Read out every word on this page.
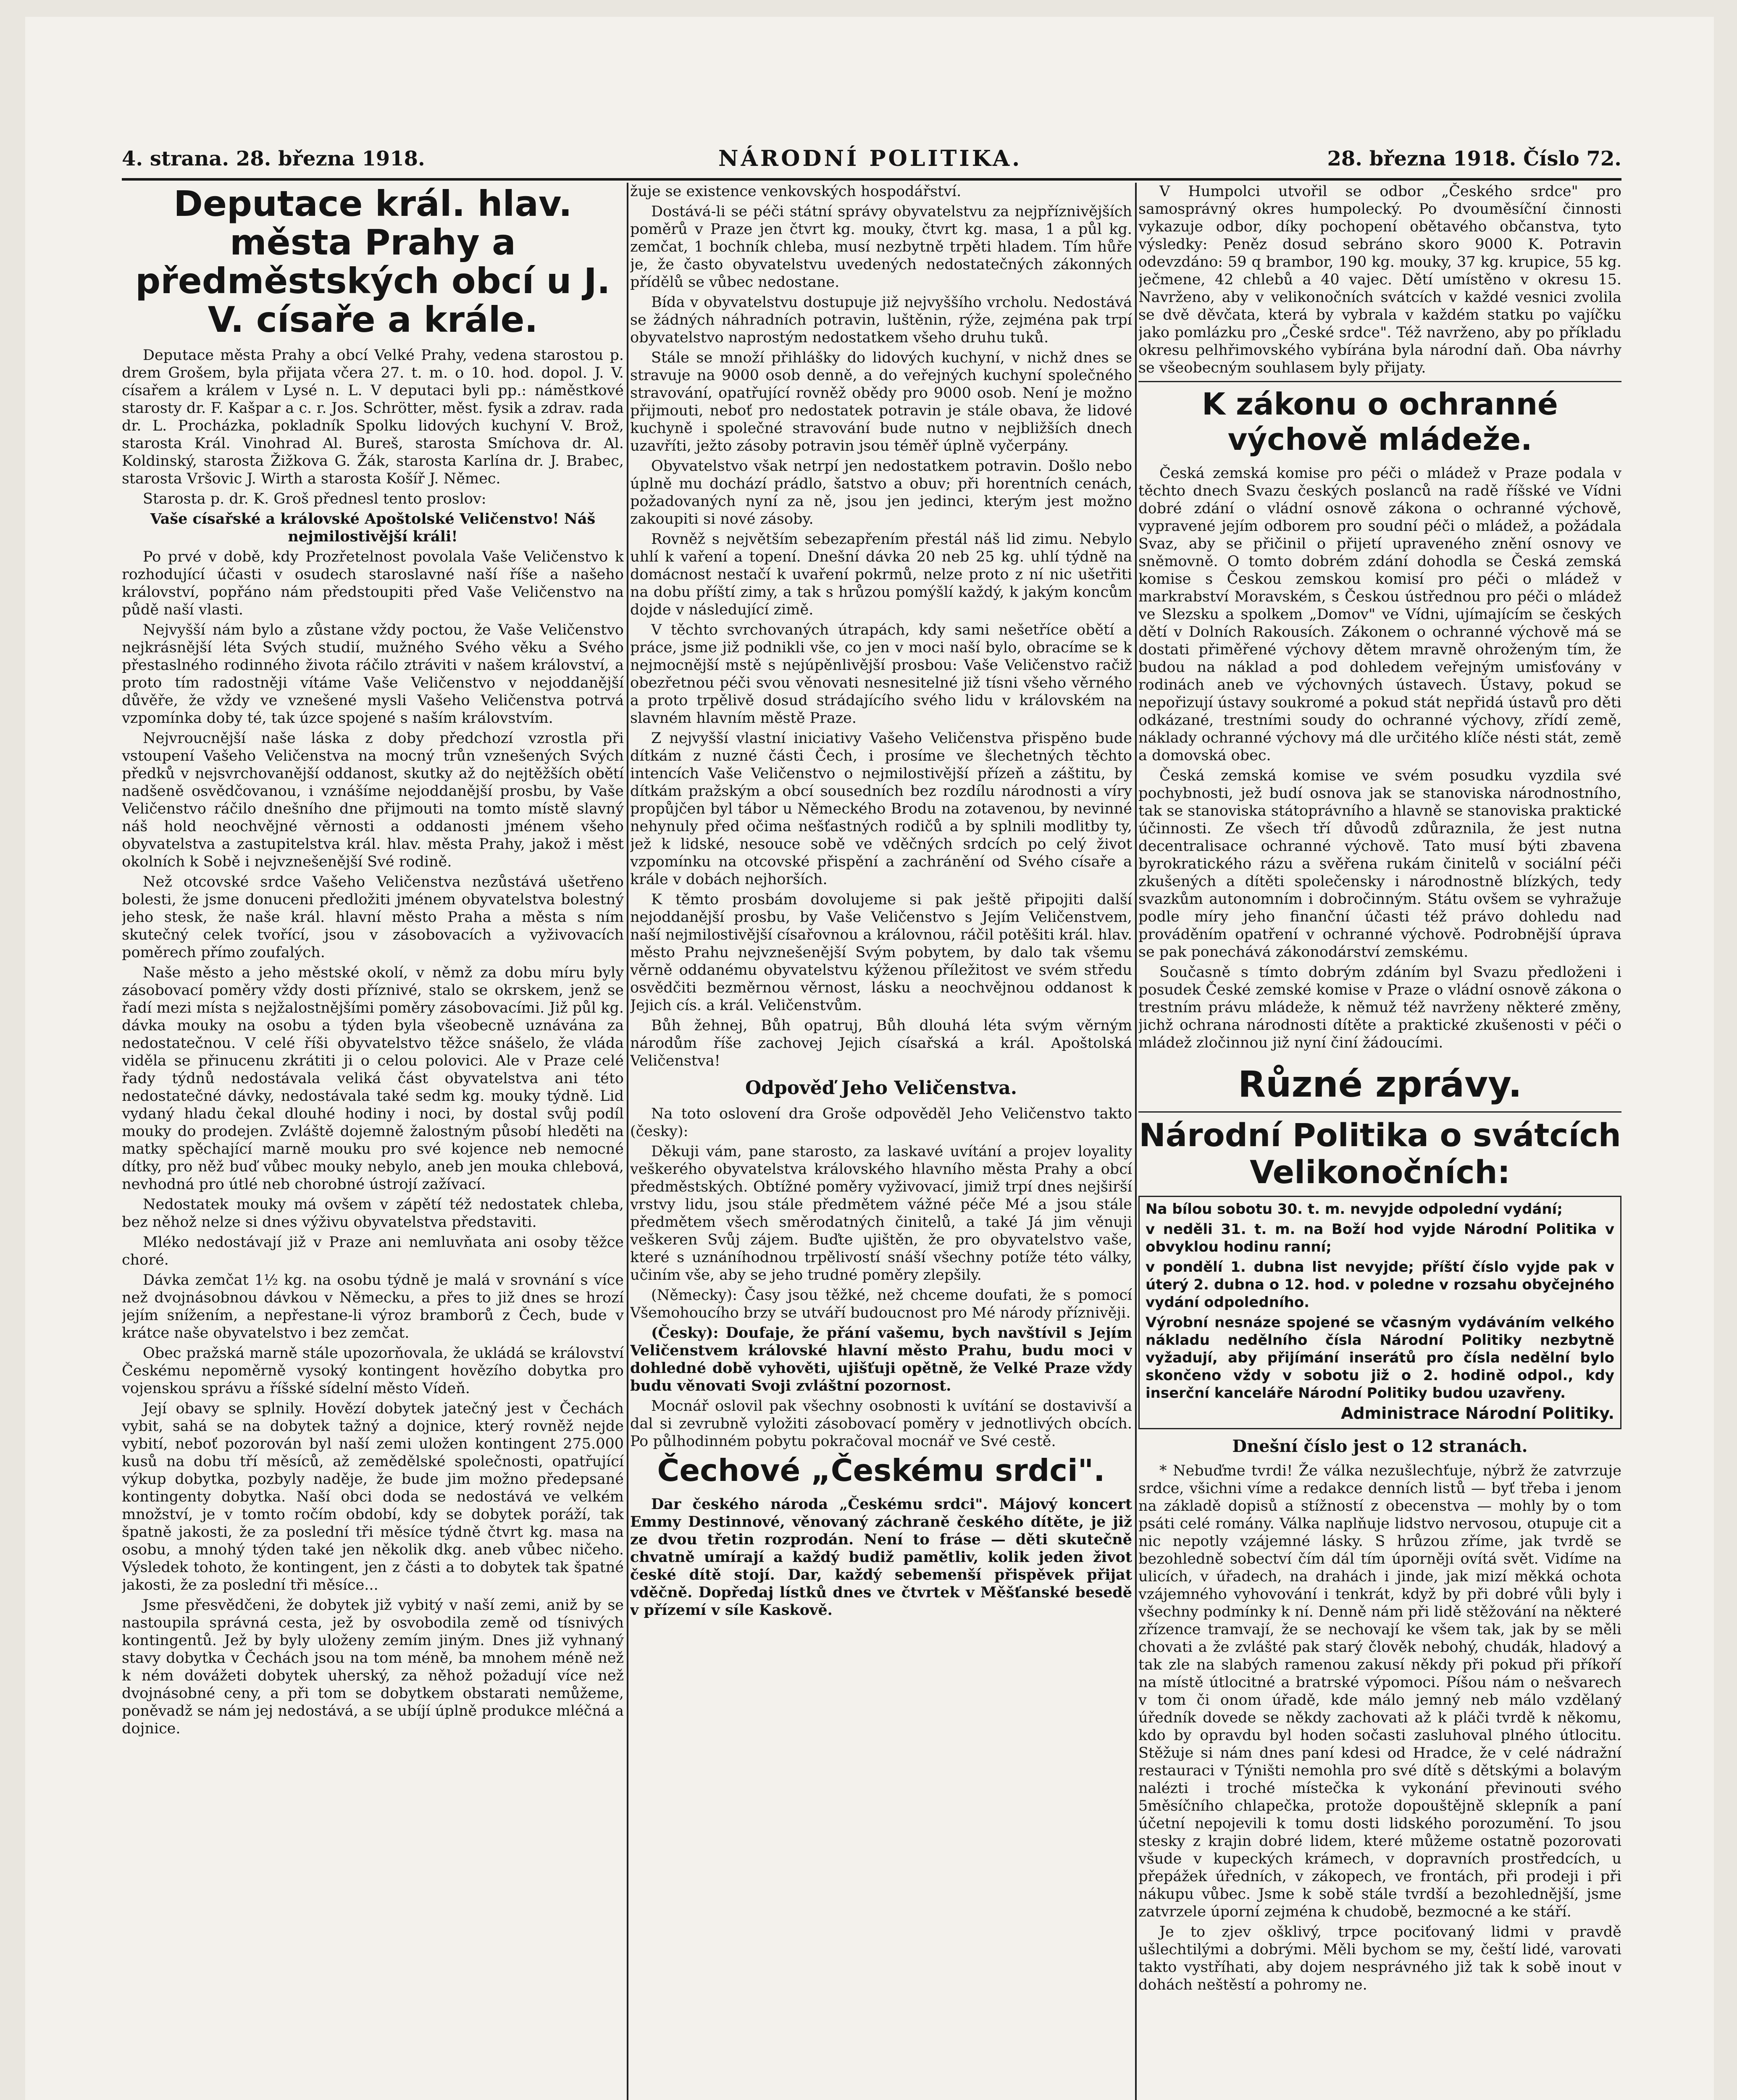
4. strana. 28. března 1918.	NÁRODNÍ POLITIKA.	28. března 1918. Číslo 72.
Deputace král. hlav. města Prahy a předměstských obcí u J. V. císaře a krále.

Deputace města Prahy a obcí Velké Prahy, vedena starostou p. drem Grošem, byla přijata včera 27. t. m. o 10. hod. dopol. J. V. císařem a králem v Lysé n. L. V deputaci byli pp.: náměstkové starosty dr. F. Kašpar a c. r. Jos. Schrötter, měst. fysik a zdrav. rada dr. L. Procházka, pokladník Spolku lidových kuchyní V. Brož, starosta Král. Vinohrad Al. Bureš, starosta Smíchova dr. Al. Koldinský, starosta Žižkova G. Žák, starosta Karlína dr. J. Brabec, starosta Vršovic J. Wirth a starosta Košíř J. Němec.

Starosta p. dr. K. Groš přednesl tento proslov:

Vaše císařské a královské Apoštolské Veličenstvo! Náš nejmilostivější králi!

Po prvé v době, kdy Prozřetelnost povolala Vaše Veličenstvo k rozhodující účasti v osudech staroslavné naší říše a našeho království, popřáno nám předstoupiti před Vaše Veličenstvo na půdě naší vlasti.

Nejvyšší nám bylo a zůstane vždy poctou, že Vaše Veličenstvo nejkrásnější léta Svých studií, mužného Svého věku a Svého přestaslného rodinného života ráčilo ztráviti v našem království, a proto tím radostněji vítáme Vaše Veličenstvo v nejoddanější důvěře, že vždy ve vznešené mysli Vašeho Veličenstva potrvá vzpomínka doby té, tak úzce spojené s naším královstvím.

Nejvroucnější naše láska z doby předchozí vzrostla při vstoupení Vašeho Veličenstva na mocný trůn vznešených Svých předků v nejsvrchovanější oddanost, skutky až do nejtěžších obětí nadšeně osvědčovanou, i vznášíme nejoddanější prosbu, by Vaše Veličenstvo ráčilo dnešního dne přijmouti na tomto místě slavný náš hold neochvějné věrnosti a oddanosti jménem všeho obyvatelstva a zastupitelstva král. hlav. města Prahy, jakož i měst okolních k Sobě i nejvznešenější Své rodině.

Než otcovské srdce Vašeho Veličenstva nezůstává ušetřeno bolesti, že jsme donuceni předložiti jménem obyvatelstva bolestný jeho stesk, že naše král. hlavní město Praha a města s ním skutečný celek tvořící, jsou v zásobovacích a vyživovacích poměrech přímo zoufalých.

Naše město a jeho městské okolí, v němž za dobu míru byly zásobovací poměry vždy dosti příznivé, stalo se okrskem, jenž se řadí mezi místa s nejžalostnějšími poměry zásobovacími. Již půl kg. dávka mouky na osobu a týden byla všeobecně uznávána za nedostatečnou. V celé říši obyvatelstvo těžce snášelo, že vláda viděla se přinucenu zkrátiti ji o celou polovici. Ale v Praze celé řady týdnů nedostávala veliká část obyvatelstva ani této nedostatečné dávky, nedostávala také sedm kg. mouky týdně. Lid vydaný hladu čekal dlouhé hodiny i noci, by dostal svůj podíl mouky do prodejen. Zvláště dojemně žalostným působí hleděti na matky spěchající marně mouku pro své kojence neb nemocné dítky, pro něž buď vůbec mouky nebylo, aneb jen mouka chlebová, nevhodná pro útlé neb chorobné ústrojí zažívací.

Nedostatek mouky má ovšem v zápětí též nedostatek chleba, bez něhož nelze si dnes výživu obyvatelstva představiti.

Mléko nedostávají již v Praze ani nemluvňata ani osoby těžce choré.

Dávka zemčat 1½ kg. na osobu týdně je malá v srovnání s více než dvojnásobnou dávkou v Německu, a přes to již dnes se hrozí jejím snížením, a nepřestane-li výroz bramborů z Čech, bude v krátce naše obyvatelstvo i bez zemčat.

Obec pražská marně stále upozorňovala, že ukládá se království Českému nepoměrně vysoký kontingent hovězího dobytka pro vojenskou správu a říšské sídelní město Vídeň.

Její obavy se splnily. Hovězí dobytek jatečný jest v Čechách vybit, sahá se na dobytek tažný a dojnice, který rovněž nejde vybití, neboť pozorován byl naší zemi uložen kontingent 275.000 kusů na dobu tří měsíců, až zemědělské společnosti, opatřující výkup dobytka, pozbyly naděje, že bude jim možno předepsané kontingenty dobytka. Naší obci doda se nedostává ve velkém množství, je v tomto ročím období, kdy se dobytek poráží, tak špatně jakosti, že za poslední tři měsíce týdně čtvrt kg. masa na osobu, a mnohý týden také jen několik dkg. aneb vůbec ničeho. Výsledek tohoto, že kontingent, jen z části a to dobytek tak špatné jakosti, že za poslední tři měsíce...

Jsme přesvědčeni, že dobytek již vybitý v naší zemi, aniž by se nastoupila správná cesta, jež by osvobodila země od tísnivých kontingentů. Jež by byly uloženy zemím jiným. Dnes již vyhnaný stavy dobytka v Čechách jsou na tom méně, ba mnohem méně než k ném dovážeti dobytek uherský, za něhož požadují více než dvojnásobné ceny, a při tom se dobytkem obstarati nemůžeme, poněvadž se nám jej nedostává, a se ubíjí úplně produkce mléčná a dojnice.

žuje se existence venkovských hospodářství.

Dostává-li se péči státní správy obyvatelstvu za nejpříznivějších poměrů v Praze jen čtvrt kg. mouky, čtvrt kg. masa, 1 a půl kg. zemčat, 1 bochník chleba, musí nezbytně trpěti hladem. Tím hůře je, že často obyvatelstvu uvedených nedostatečných zákonných přídělů se vůbec nedostane.

Bída v obyvatelstvu dostupuje již nejvyššího vrcholu. Nedostává se žádných náhradních potravin, luštěnin, rýže, zejména pak trpí obyvatelstvo naprostým nedostatkem všeho druhu tuků.

Stále se množí přihlášky do lidových kuchyní, v nichž dnes se stravuje na 9000 osob denně, a do veřejných kuchyní společného stravování, opatřující rovněž obědy pro 9000 osob. Není je možno přijmouti, neboť pro nedostatek potravin je stále obava, že lidové kuchyně i společné stravování bude nutno v nejbližších dnech uzavříti, ježto zásoby potravin jsou téměř úplně vyčerpány.

Obyvatelstvo však netrpí jen nedostatkem potravin. Došlo nebo úplně mu dochází prádlo, šatstvo a obuv; při horentních cenách, požadovaných nyní za ně, jsou jen jedinci, kterým jest možno zakoupiti si nové zásoby.

Rovněž s největším sebezapřením přestál náš lid zimu. Nebylo uhlí k vaření a topení. Dnešní dávka 20 neb 25 kg. uhlí týdně na domácnost nestačí k uvaření pokrmů, nelze proto z ní nic ušetřiti na dobu příští zimy, a tak s hrůzou pomýšlí každý, k jakým koncům dojde v následující zimě.

V těchto svrchovaných útrapách, kdy sami nešetříce obětí a práce, jsme již podnikli vše, co jen v moci naší bylo, obracíme se k nejmocnější mstě s nejúpěnlivější prosbou: Vaše Veličenstvo račiž obezřetnou péči svou věnovati nesnesitelné již tísni všeho věrného a proto trpělivě dosud strádajícího svého lidu v královském na slavném hlavním městě Praze.

Z nejvyšší vlastní iniciativy Vašeho Veličenstva přispěno bude dítkám z nuzné části Čech, i prosíme ve šlechetných těchto intencích Vaše Veličenstvo o nejmilostivější přízeň a záštitu, by dítkám pražským a obcí sousedních bez rozdílu národnosti a víry propůjčen byl tábor u Německého Brodu na zotavenou, by nevinné nehynuly před očima nešťastných rodičů a by splnili modlitby ty, jež k lidské, nesouce sobě ve vděčných srdcích po celý život vzpomínku na otcovské přispění a zachránění od Svého císaře a krále v dobách nejhorších.

K těmto prosbám dovolujeme si pak ještě připojiti další nejoddanější prosbu, by Vaše Veličenstvo s Jejím Veličenstvem, naší nejmilostivější císařovnou a královnou, ráčil potěšiti král. hlav. město Prahu nejvznešenější Svým pobytem, by dalo tak všemu věrně oddanému obyvatelstvu kýženou příležitost ve svém středu osvědčiti bezměrnou věrnost, lásku a neochvějnou oddanost k Jejich cís. a král. Veličenstvům.

Bůh žehnej, Bůh opatruj, Bůh dlouhá léta svým věrným národům říše zachovej Jejich císařská a král. Apoštolská Veličenstva!

Odpověď Jeho Veličenstva.

Na toto oslovení dra Groše odpověděl Jeho Veličenstvo takto (česky):

Děkuji vám, pane starosto, za laskavé uvítání a projev loyality veškerého obyvatelstva královského hlavního města Prahy a obcí předměstských. Obtížné poměry vyživovací, jimiž trpí dnes nejširší vrstvy lidu, jsou stále předmětem vážné péče Mé a jsou stále předmětem všech směrodatných činitelů, a také Já jim věnuji veškeren Svůj zájem. Buďte ujištěn, že pro obyvatelstvo vaše, které s uznáníhodnou trpělivostí snáší všechny potíže této války, učiním vše, aby se jeho trudné poměry zlepšily.

(Německy): Časy jsou těžké, než chceme doufati, že s pomocí Všemohoucího brzy se utváří budoucnost pro Mé národy příznivěji.

(Česky): Doufaje, že přání vašemu, bych navštívil s Jejím Veličenstvem královské hlavní město Prahu, budu moci v dohledné době vyhověti, ujišťuji opětně, že Velké Praze vždy budu věnovati Svoji zvláštní pozornost.

Mocnář oslovil pak všechny osobnosti k uvítání se dostavivší a dal si zevrubně vyložiti zásobovací poměry v jednotlivých obcích. Po půlhodinném pobytu pokračoval mocnář ve Své cestě.

Čechové „Českému srdci".

Dar českého národa „Českému srdci". Májový koncert Emmy Destinnové, věnovaný záchraně českého dítěte, je již ze dvou třetin rozprodán. Není to fráse — děti skutečně chvatně umírají a každý budiž pamětliv, kolik jeden život české dítě stojí. Dar, každý sebemenší přispěvek přijat vděčně. Dopředaj lístků dnes ve čtvrtek v Měšťanské besedě v přízemí v síle Kaskově.

V Humpolci utvořil se odbor „Českého srdce" pro samosprávný okres humpolecký. Po dvouměsíční činnosti vykazuje odbor, díky pochopení obětavého občanstva, tyto výsledky: Peněz dosud sebráno skoro 9000 K. Potravin odevzdáno: 59 q brambor, 190 kg. mouky, 37 kg. krupice, 55 kg. ječmene, 42 chlebů a 40 vajec. Dětí umístěno v okresu 15. Navrženo, aby v velikonočních svátcích v každé vesnici zvolila se dvě děvčata, která by vybrala v každém statku po vajíčku jako pomlázku pro „České srdce". Též navrženo, aby po příkladu okresu pelhřimovského vybírána byla národní daň. Oba návrhy se všeobecným souhlasem byly přijaty.

K zákonu o ochranné výchově mládeže.

Česká zemská komise pro péči o mládež v Praze podala v těchto dnech Svazu českých poslanců na radě říšské ve Vídni dobré zdání o vládní osnově zákona o ochranné výchově, vypravené jejím odborem pro soudní péči o mládež, a požádala Svaz, aby se přičinil o přijetí upraveného znění osnovy ve sněmovně. O tomto dobrém zdání dohodla se Česká zemská komise s Českou zemskou komisí pro péči o mládež v markrabství Moravském, s Českou ústřednou pro péči o mládež ve Slezsku a spolkem „Domov" ve Vídni, ujímajícím se českých dětí v Dolních Rakousích. Zákonem o ochranné výchově má se dostati přiměřené výchovy dětem mravně ohroženým tím, že budou na náklad a pod dohledem veřejným umisťovány v rodinách aneb ve výchovných ústavech. Ústavy, pokud se nepořizují ústavy soukromé a pokud stát nepřidá ústavů pro děti odkázané, trestními soudy do ochranné výchovy, zřídí země, náklady ochranné výchovy má dle určitého klíče nésti stát, země a domovská obec.

Česká zemská komise ve svém posudku vyzdila své pochybnosti, jež budí osnova jak se stanoviska národnostního, tak se stanoviska státoprávního a hlavně se stanoviska praktické účinnosti. Ze všech tří důvodů zdůraznila, že jest nutna decentralisace ochranné výchově. Tato musí býti zbavena byrokratického rázu a svěřena rukám činitelů v sociální péči zkušených a dítěti společensky i národnostně blízkých, tedy svazkům autonomním i dobročinným. Státu ovšem se vyhražuje podle míry jeho finanční účasti též právo dohledu nad prováděním opatření v ochranné výchově. Podrobnější úprava se pak ponechává zákonodárství zemskému.

Současně s tímto dobrým zdáním byl Svazu předloženi i posudek České zemské komise v Praze o vládní osnově zákona o trestním právu mládeže, k němuž též navrženy některé změny, jichž ochrana národnosti dítěte a praktické zkušenosti v péči o mládež zločinnou již nyní činí žádoucími.

Různé zprávy.
Národní Politika o svátcích Velikonočních:

Na bílou sobotu 30. t. m. nevyjde odpolední vydání;

v neděli 31. t. m. na Boží hod vyjde Národní Politika v obvyklou hodinu ranní;

v pondělí 1. dubna list nevyjde; příští číslo vyjde pak v úterý 2. dubna o 12. hod. v poledne v rozsahu obyčejného vydání odpoledního.

Výrobní nesnáze spojené se včasným vydáváním velkého nákladu nedělního čísla Národní Politiky nezbytně vyžadují, aby přijímání inserátů pro čísla nedělní bylo skončeno vždy v sobotu již o 2. hodině odpol., kdy inserční kanceláře Národní Politiky budou uzavřeny.

Administrace Národní Politiky.

Dnešní číslo jest o 12 stranách.

* Nebuďme tvrdi! Že válka nezušlechťuje, nýbrž že zatvrzuje srdce, všichni víme a redakce denních listů — byť třeba i jenom na základě dopisů a stížností z obecenstva — mohly by o tom psáti celé romány. Válka naplňuje lidstvo nervosou, otupuje cit a nic nepotly vzájemné lásky. S hrůzou zříme, jak tvrdě se bezohledně sobectví čím dál tím úporněji ovítá svět. Vidíme na ulicích, v úřadech, na drahách i jinde, jak mizí měkká ochota vzájemného vyhovování i tenkrát, když by při dobré vůli byly i všechny podmínky k ní. Denně nám při lidě stěžování na některé zřízence tramvají, že se nechovají ke všem tak, jak by se měli chovati a že zvlášté pak starý člověk nebohý, chudák, hladový a tak zle na slabých ramenou zakusí někdy při pokud při příkoří na místě útlocitné a bratrské výpomoci. Píšou nám o nešvarech v tom či onom úřadě, kde málo jemný neb málo vzdělaný úředník dovede se někdy zachovati až k pláči tvrdě k někomu, kdo by opravdu byl hoden sočasti zasluhoval plného útlocitu. Stěžuje si nám dnes paní kdesi od Hradce, že v celé nádražní restauraci v Týništi nemohla pro své dítě s dětskými a bolavým nalézti i troché místečka k vykonání převinouti svého 5měsíčního chlapečka, protože dopouštějně sklepník a paní účetní nepojevili k tomu dosti lidského porozumění. To jsou stesky z krajin dobré lidem, které můžeme ostatně pozorovati všude v kupeckých krámech, v dopravních prostředcích, u přepážek úředních, v zákopech, ve frontách, při prodeji i při nákupu vůbec. Jsme k sobě stále tvrdší a bezohlednější, jsme zatvrzele úporní zejména k chudobě, bezmocné a ke stáří.

Je to zjev ošklivý, trpce pociťovaný lidmi v pravdě ušlechtilými a dobrými. Měli bychom se my, čeští lidé, varovati takto vystříhati, aby dojem nesprávného již tak k sobě inout v dohách neštěstí a pohromy ne.
